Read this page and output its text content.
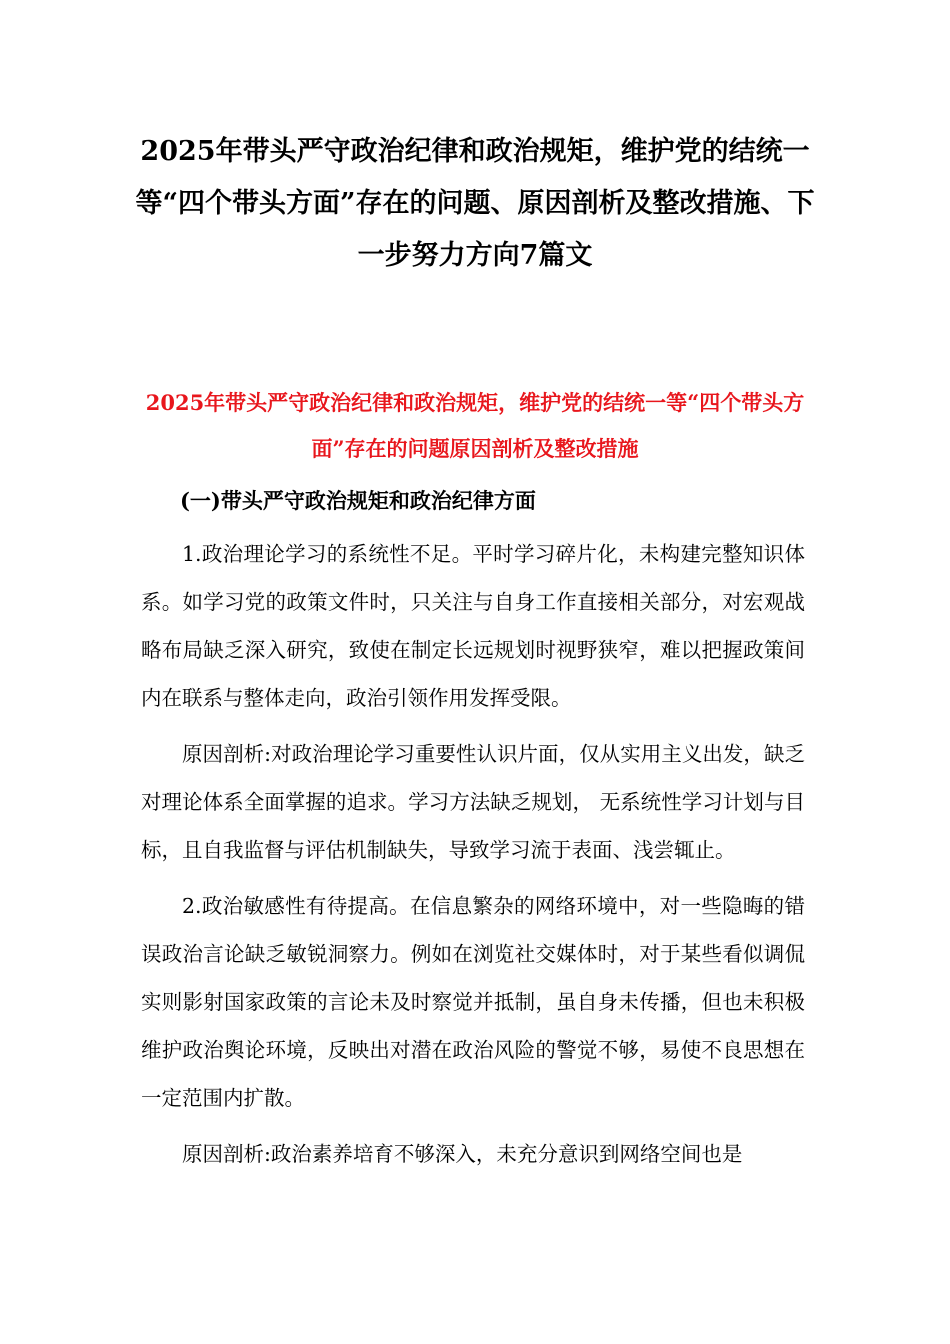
2025年带头严守政治纪律和政治规矩，维护党的结统一等“四个带头方面”存在的问题、原因剖析及整改措施、下一步努力方向7篇文
2025年带头严守政治纪律和政治规矩，维护党的结统一等“四个带头方面”存在的问题原因剖析及整改措施
(一)带头严守政治规矩和政治纪律方面

1.政治理论学习的系统性不足。平时学习碎片化，未构建完整知识体系。如学习党的政策文件时，只关注与自身工作直接相关部分，对宏观战略布局缺乏深入研究，致使在制定长远规划时视野狭窄，难以把握政策间内在联系与整体走向，政治引领作用发挥受限。

原因剖析:对政治理论学习重要性认识片面，仅从实用主义出发，缺乏对理论体系全面掌握的追求。学习方法缺乏规划， 无系统性学习计划与目标，且自我监督与评估机制缺失，导致学习流于表面、浅尝辄止。

2.政治敏感性有待提高。在信息繁杂的网络环境中，对一些隐晦的错误政治言论缺乏敏锐洞察力。例如在浏览社交媒体时，对于某些看似调侃实则影射国家政策的言论未及时察觉并抵制，虽自身未传播，但也未积极维护政治舆论环境，反映出对潜在政治风险的警觉不够，易使不良思想在一定范围内扩散。

原因剖析:政治素养培育不够深入，未充分意识到网络空间也是
